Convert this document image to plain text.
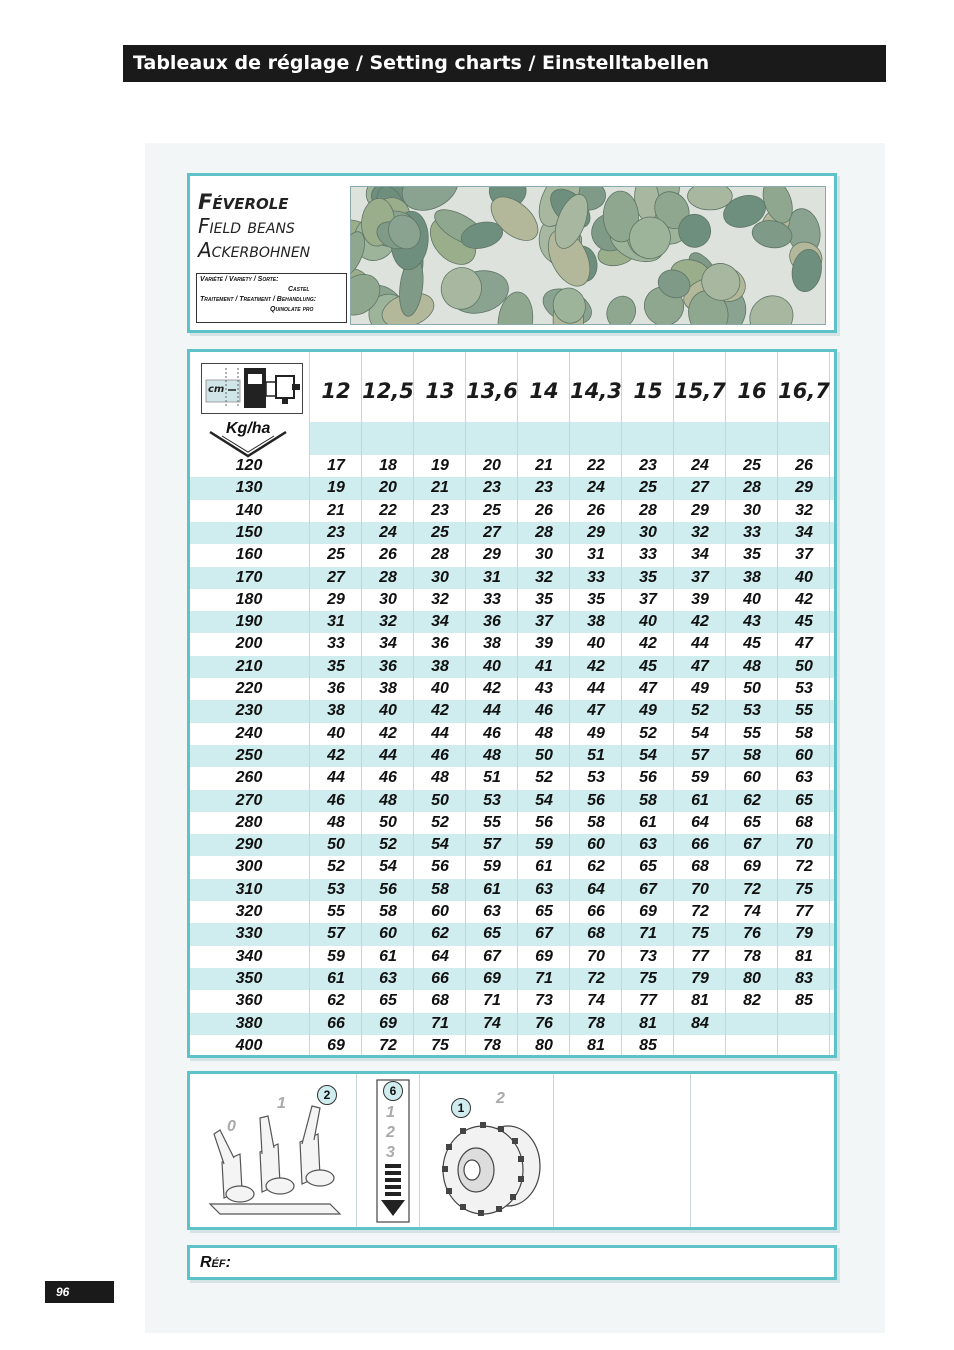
Tableaux de réglage / Setting charts / Einstelltabellen
Féverole
Field beans
Ackerbohnen
Variété / Variety / Sorte:
Castel
Traitement / Treatment / Behandlung:
Quinolate pro
12 12,5 13 13,6 14 14,3 15 15,7 16 16,7
120	17	18	19	20	21	22	23	24	25	26
130	19	20	21	23	23	24	25	27	28	29
140	21	22	23	25	26	26	28	29	30	32
150	23	24	25	27	28	29	30	32	33	34
160	25	26	28	29	30	31	33	34	35	37
170	27	28	30	31	32	33	35	37	38	40
180	29	30	32	33	35	35	37	39	40	42
190	31	32	34	36	37	38	40	42	43	45
200	33	34	36	38	39	40	42	44	45	47
210	35	36	38	40	41	42	45	47	48	50
220	36	38	40	42	43	44	47	49	50	53
230	38	40	42	44	46	47	49	52	53	55
240	40	42	44	46	48	49	52	54	55	58
250	42	44	46	48	50	51	54	57	58	60
260	44	46	48	51	52	53	56	59	60	63
270	46	48	50	53	54	56	58	61	62	65
280	48	50	52	55	56	58	61	64	65	68
290	50	52	54	57	59	60	63	66	67	70
300	52	54	56	59	61	62	65	68	69	72
310	53	56	58	61	63	64	67	70	72	75
320	55	58	60	63	65	66	69	72	74	77
330	57	60	62	65	67	68	71	75	76	79
340	59	61	64	67	69	70	73	77	78	81
350	61	63	66	69	71	72	75	79	80	83
360	62	65	68	71	73	74	77	81	82	85
380	66	69	71	74	76	78	81	84
400	69	72	75	78	80	81	85
cm
Kg/ha
0
1	2	6
1
2
3
1
2
Réf:
96
